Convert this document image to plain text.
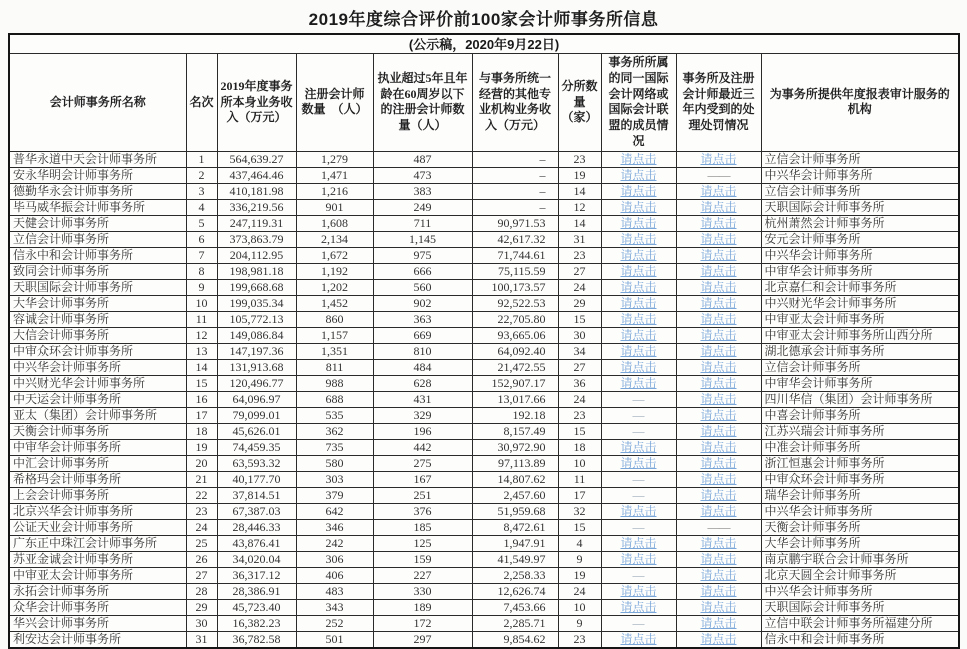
2019年度综合评价前100家会计师事务所信息
(公示稿，2020年9月22日)									
会计师事务所名称	名次	2019年度事务所本身业务收入（万元）	注册会计师数量　（人）	执业超过5年且年龄在60周岁以下的注册会计师数量（人）	与事务所统一经营的其他专业机构业务收入（万元）	分所数量（家）	事务所所属的同一国际会计网络或国际会计联盟的成员情况	事务所及注册会计师最近三年内受到的处理处罚情况	为事务所提供年度报表审计服务的机构
普华永道中天会计师事务所	1	564,639.27	1,279	487	–	23	请点击	请点击	立信会计师事务所
安永华明会计师事务所	2	437,464.46	1,471	473	–	19	请点击	——	中兴华会计师事务所
德勤华永会计师事务所	3	410,181.98	1,216	383	–	14	请点击	请点击	立信会计师事务所
毕马威华振会计师事务所	4	336,219.56	901	249	–	12	请点击	请点击	天职国际会计师事务所
天健会计师事务所	5	247,119.31	1,608	711	90,971.53	14	请点击	请点击	杭州萧然会计师事务所
立信会计师事务所	6	373,863.79	2,134	1,145	42,617.32	31	请点击	请点击	安元会计师事务所
信永中和会计师事务所	7	204,112.95	1,672	975	71,744.61	23	请点击	请点击	中兴华会计师事务所
致同会计师事务所	8	198,981.18	1,192	666	75,115.59	27	请点击	请点击	中审华会计师事务所
天职国际会计师事务所	9	199,668.68	1,202	560	100,173.57	24	请点击	请点击	北京嘉仁和会计师事务所
大华会计师事务所	10	199,035.34	1,452	902	92,522.53	29	请点击	请点击	中兴财光华会计师事务所
容诚会计师事务所	11	105,772.13	860	363	22,705.80	15	请点击	请点击	中审亚太会计师事务所
大信会计师事务所	12	149,086.84	1,157	669	93,665.06	30	请点击	请点击	中审亚太会计师事务所山西分所
中审众环会计师事务所	13	147,197.36	1,351	810	64,092.40	34	请点击	请点击	湖北德承会计师事务所
中兴华会计师事务所	14	131,913.68	811	484	21,472.55	27	请点击	请点击	立信会计师事务所
中兴财光华会计师事务所	15	120,496.77	988	628	152,907.17	36	请点击	请点击	中审华会计师事务所
中天运会计师事务所	16	64,096.97	688	431	13,017.66	24	—	请点击	四川华信（集团）会计师事务所
亚太（集团）会计师事务所	17	79,099.01	535	329	192.18	23	—	请点击	中喜会计师事务所
天衡会计师事务所	18	45,626.01	362	196	8,157.49	15	—	请点击	江苏兴瑞会计师事务所
中审华会计师事务所	19	74,459.35	735	442	30,972.90	18	请点击	请点击	中准会计师事务所
中汇会计师事务所	20	63,593.32	580	275	97,113.89	10	请点击	请点击	浙江恒惠会计师事务所
希格玛会计师事务所	21	40,177.70	303	167	14,807.62	11	—	请点击	中审众环会计师事务所
上会会计师事务所	22	37,814.51	379	251	2,457.60	17	—	请点击	瑞华会计师事务所
北京兴华会计师事务所	23	67,387.03	642	376	51,959.68	32	请点击	请点击	中兴华会计师事务所
公证天业会计师事务所	24	28,446.33	346	185	8,472.61	15	—	——	天衡会计师事务所
广东正中珠江会计师事务所	25	43,876.41	242	125	1,947.91	4	请点击	请点击	大华会计师事务所
苏亚金诚会计师事务所	26	34,020.04	306	159	41,549.97	9	请点击	请点击	南京鹏宇联合会计师事务所
中审亚太会计师事务所	27	36,317.12	406	227	2,258.33	19	—	请点击	北京天圆全会计师事务所
永拓会计师事务所	28	28,386.91	483	330	12,626.74	24	请点击	请点击	中兴华会计师事务所
众华会计师事务所	29	45,723.40	343	189	7,453.66	10	请点击	请点击	天职国际会计师事务所
华兴会计师事务所	30	16,382.23	252	172	2,285.71	9	—	请点击	立信中联会计师事务所福建分所
利安达会计师事务所	31	36,782.58	501	297	9,854.62	23	请点击	请点击	信永中和会计师事务所
